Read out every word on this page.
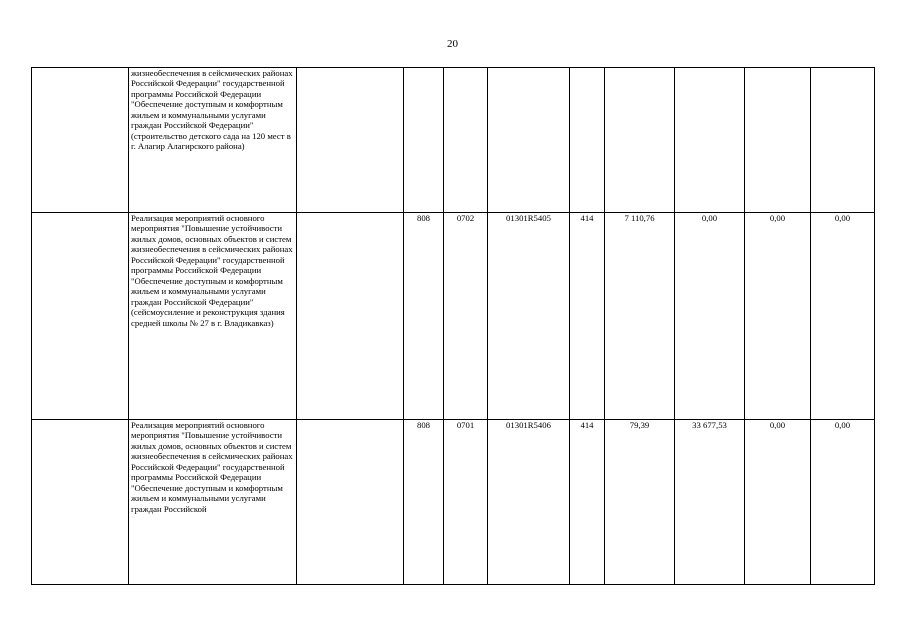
20
	жизнеобеспечения в сейсмических районах Российской Федерации" государственной программы Российской Федерации "Обеспечение доступным и комфортным жильем и коммунальными услугами граждан Российской Федерации" (строительство детского сада на 120 мест в г. Алагир Алагирского района)									
	Реализация мероприятий основного мероприятия "Повышение устойчивости жилых домов, основных объектов и систем жизнеобеспечения в сейсмических районах Российской Федерации" государственной программы Российской Федерации "Обеспечение доступным и комфортным жильем и коммунальными услугами граждан Российской Федерации" (сейсмоусиление и реконструкция здания средней школы № 27 в г. Владикавказ)		808	0702	01301R5405	414	7 110,76	0,00	0,00	0,00
	Реализация мероприятий основного мероприятия "Повышение устойчивости жилых домов, основных объектов и систем жизнеобеспечения в сейсмических районах Российской Федерации" государственной программы Российской Федерации "Обеспечение доступным и комфортным жильем и коммунальными услугами граждан Российской		808	0701	01301R5406	414	79,39	33 677,53	0,00	0,00
